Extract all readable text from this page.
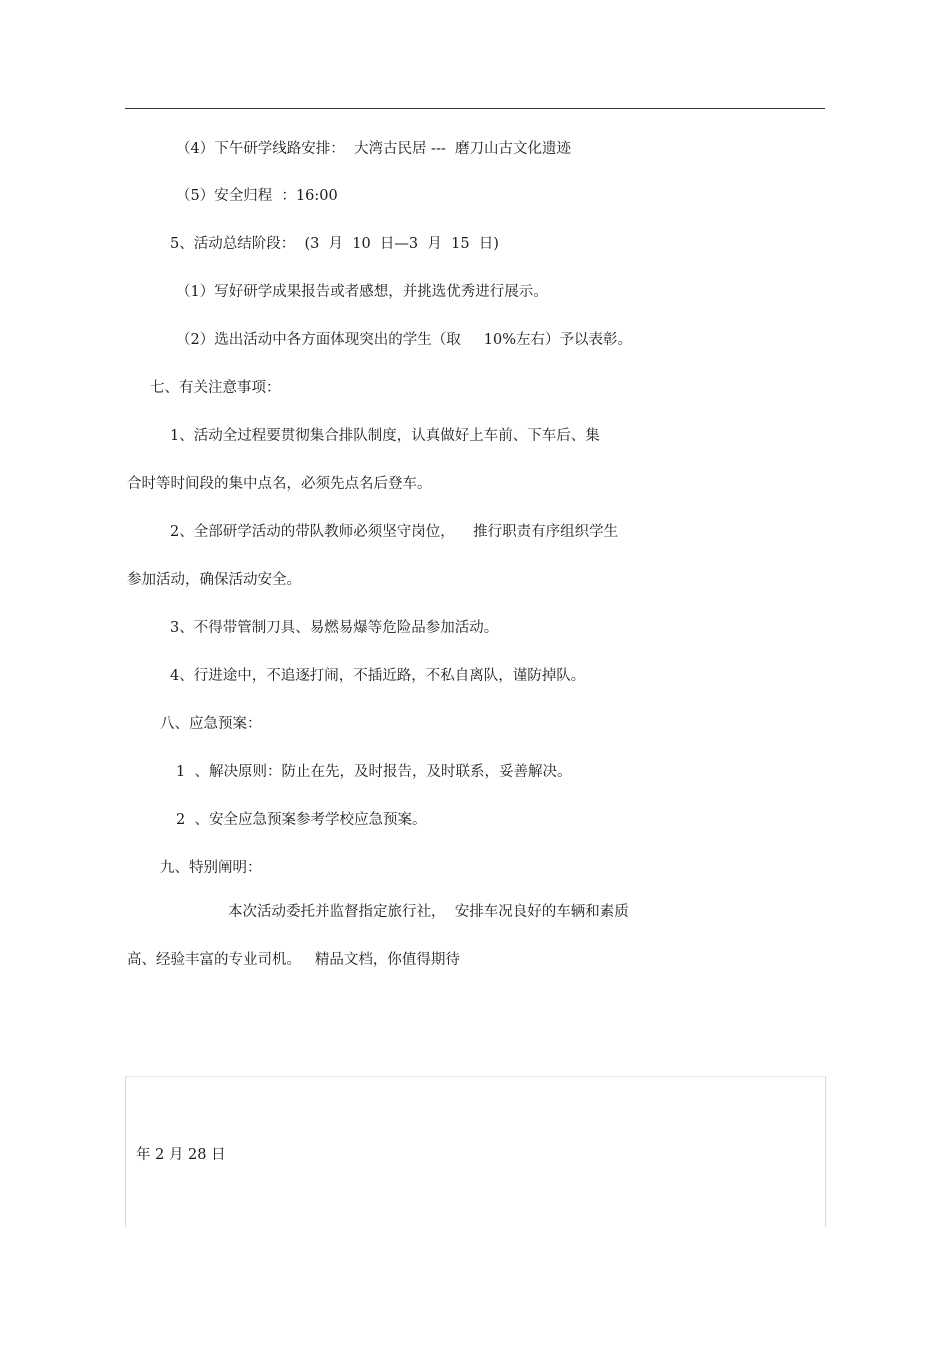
（4）下午研学线路安排：  大湾古民居 ---  磨刀山古文化遗迹
（5）安全归程  ：16:00
5、活动总结阶段：  (3  月  10  日—3  月  15  日)
（1）写好研学成果报告或者感想，并挑选优秀进行展示。
（2）选出活动中各方面体现突出的学生（取     10%左右）予以表彰。
七、有关注意事项：
1、活动全过程要贯彻集合排队制度，认真做好上车前、下车后、集
合时等时间段的集中点名，必须先点名后登车。
2、全部研学活动的带队教师必须坚守岗位，    推行职责有序组织学生
参加活动，确保活动安全。
3、不得带管制刀具、易燃易爆等危险品参加活动。
4、行进途中，不追逐打闹，不插近路，不私自离队，谨防掉队。
八、应急预案：
1  、解决原则：防止在先，及时报告，及时联系，妥善解决。
2  、安全应急预案参考学校应急预案。
九、特别阐明：
本次活动委托并监督指定旅行社，  安排车况良好的车辆和素质
高、经验丰富的专业司机。   精品文档，你值得期待
年 2 月 28 日
